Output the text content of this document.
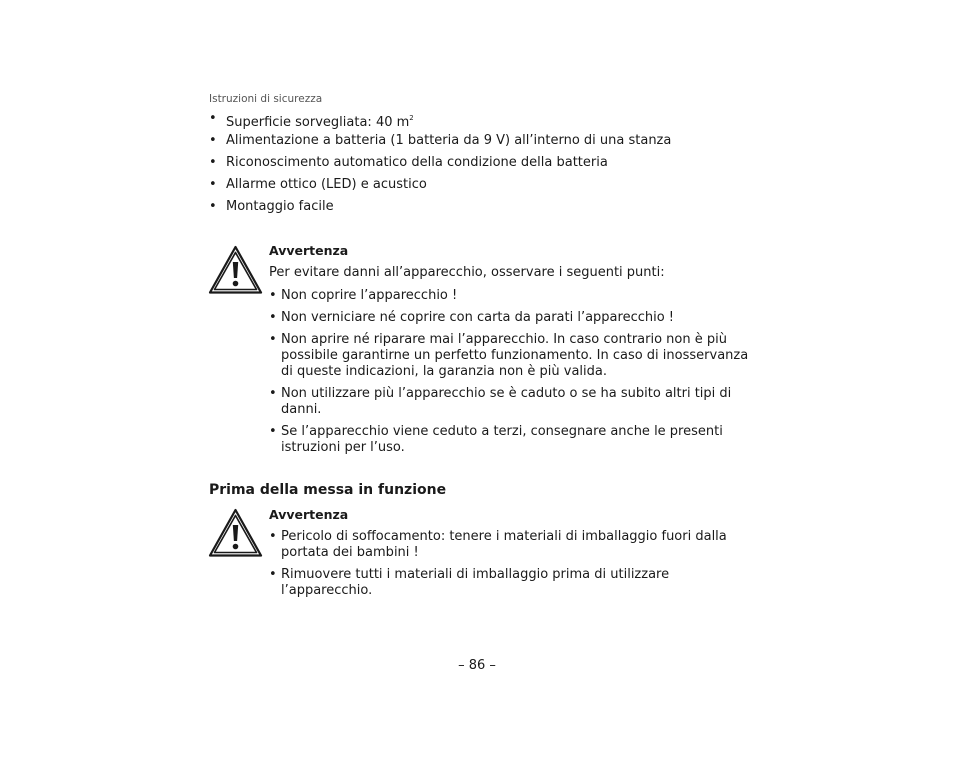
Istruzioni di sicurezza
• Superficie sorvegliata: 40 $m^2$
• Alimentazione a batteria (1 batteria da 9 V) all’interno di una stanza
• Riconoscimento automatico della condizione della batteria
• Allarme ottico (LED) e acustico
• Montaggio facile
Avvertenza
Per evitare danni all’apparecchio, osservare i seguenti punti:
• Non coprire l’apparecchio !
• Non verniciare né coprire con carta da parati l’apparecchio !
• Non aprire né riparare mai l’apparecchio. In caso contrario non è più
possibile garantirne un perfetto funzionamento. In caso di inosservanza
di queste indicazioni, la garanzia non è più valida.
• Non utilizzare più l’apparecchio se è caduto o se ha subito altri tipi di
danni.
• Se l’apparecchio viene ceduto a terzi, consegnare anche le presenti
istruzioni per l’uso.
Prima della messa in funzione
Avvertenza
• Pericolo di soffocamento: tenere i materiali di imballaggio fuori dalla
portata dei bambini !
• Rimuovere tutti i materiali di imballaggio prima di utilizzare
l’apparecchio.
– 86 –
